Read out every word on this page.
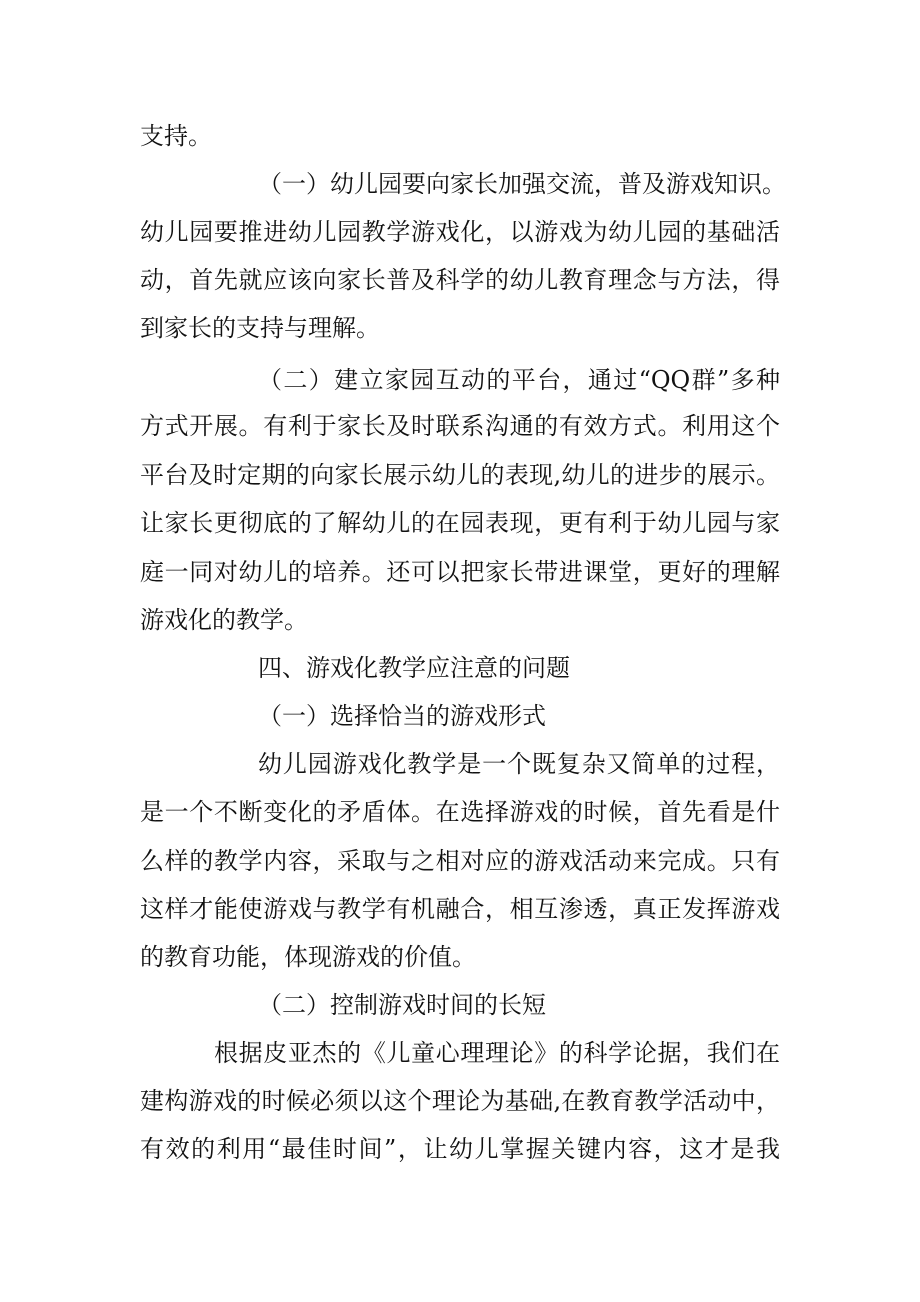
支持。

（一）幼儿园要向家长加强交流，普及游戏知识。

幼儿园要推进幼儿园教学游戏化，以游戏为幼儿园的基础活

动，首先就应该向家长普及科学的幼儿教育理念与方法，得

到家长的支持与理解。

（二）建立家园互动的平台，通过“QQ群”多种

方式开展。有利于家长及时联系沟通的有效方式。利用这个

平台及时定期的向家长展示幼儿的表现,幼儿的进步的展示。

让家长更彻底的了解幼儿的在园表现，更有利于幼儿园与家

庭一同对幼儿的培养。还可以把家长带进课堂，更好的理解

游戏化的教学。

四、游戏化教学应注意的问题

（一）选择恰当的游戏形式

幼儿园游戏化教学是一个既复杂又简单的过程，

是一个不断变化的矛盾体。在选择游戏的时候，首先看是什

么样的教学内容，采取与之相对应的游戏活动来完成。只有

这样才能使游戏与教学有机融合，相互渗透，真正发挥游戏

的教育功能，体现游戏的价值。

（二）控制游戏时间的长短

根据皮亚杰的《儿童心理理论》的科学论据，我们在

建构游戏的时候必须以这个理论为基础,在教育教学活动中，

有效的利用“最佳时间”，让幼儿掌握关键内容，这才是我
